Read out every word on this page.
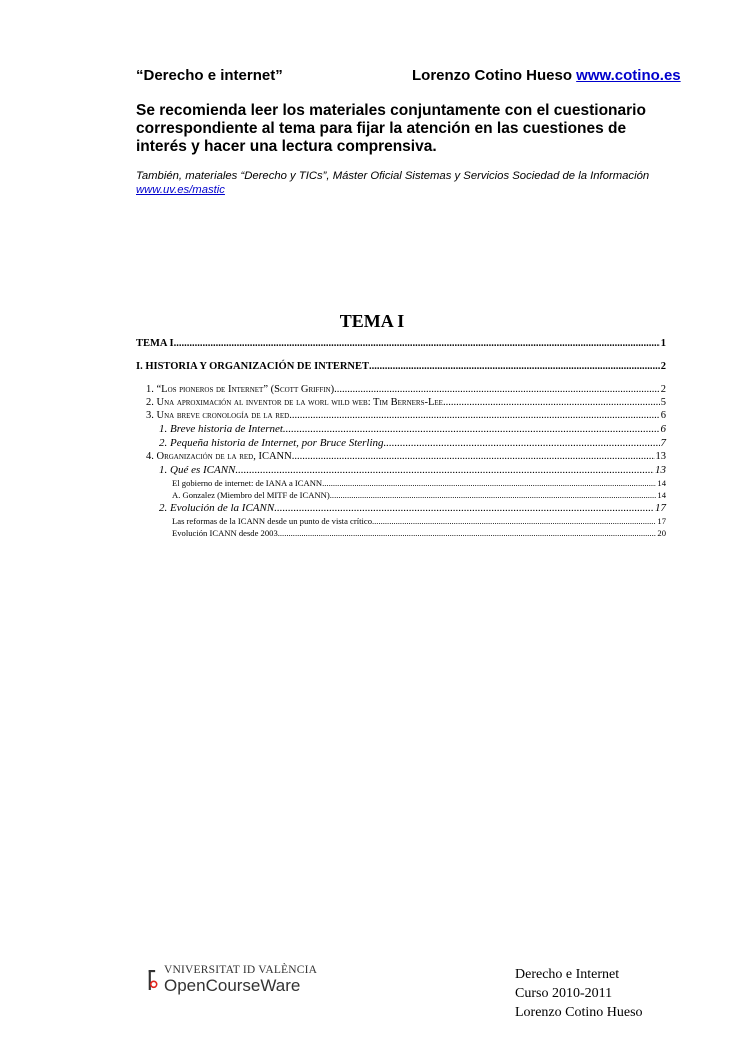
“Derecho e internet”	Lorenzo Cotino Hueso www.cotino.es
Se recomienda leer los materiales conjuntamente con el cuestionario correspondiente al tema para fijar la atención en las cuestiones de interés y hacer una lectura comprensiva.
También, materiales “Derecho y TICs”, Máster Oficial Sistemas y Servicios Sociedad de la Información www.uv.es/mastic
TEMA I
TEMA I .....	1
I. HISTORIA Y ORGANIZACIÓN DE INTERNET .....	2
1. “Los pioneros de Internet” (Scott Griffin) .....	2
2. Una aproximación al inventor de la worl wild web: Tim Berners-Lee .....	5
3. Una breve cronología de la red .....	6
1. Breve historia de Internet .....	6
2. Pequeña historia de Internet, por Bruce Sterling .....	7
4. Organización de la red, ICANN .....	13
1. Qué es ICANN .....	13
El gobierno de internet: de IANA a ICANN .....	14
A. Gonzalez (Miembro del MITF de ICANN) .....	14
2. Evolución de la ICANN .....	17
Las reformas de la ICANN desde un punto de vista crítico .....	17
Evolución ICANN desde 2003 .....	20
VNIVERSITAT ID VALÈNCIA
OpenCourseWare
Derecho e Internet
Curso 2010-2011
Lorenzo Cotino Hueso
